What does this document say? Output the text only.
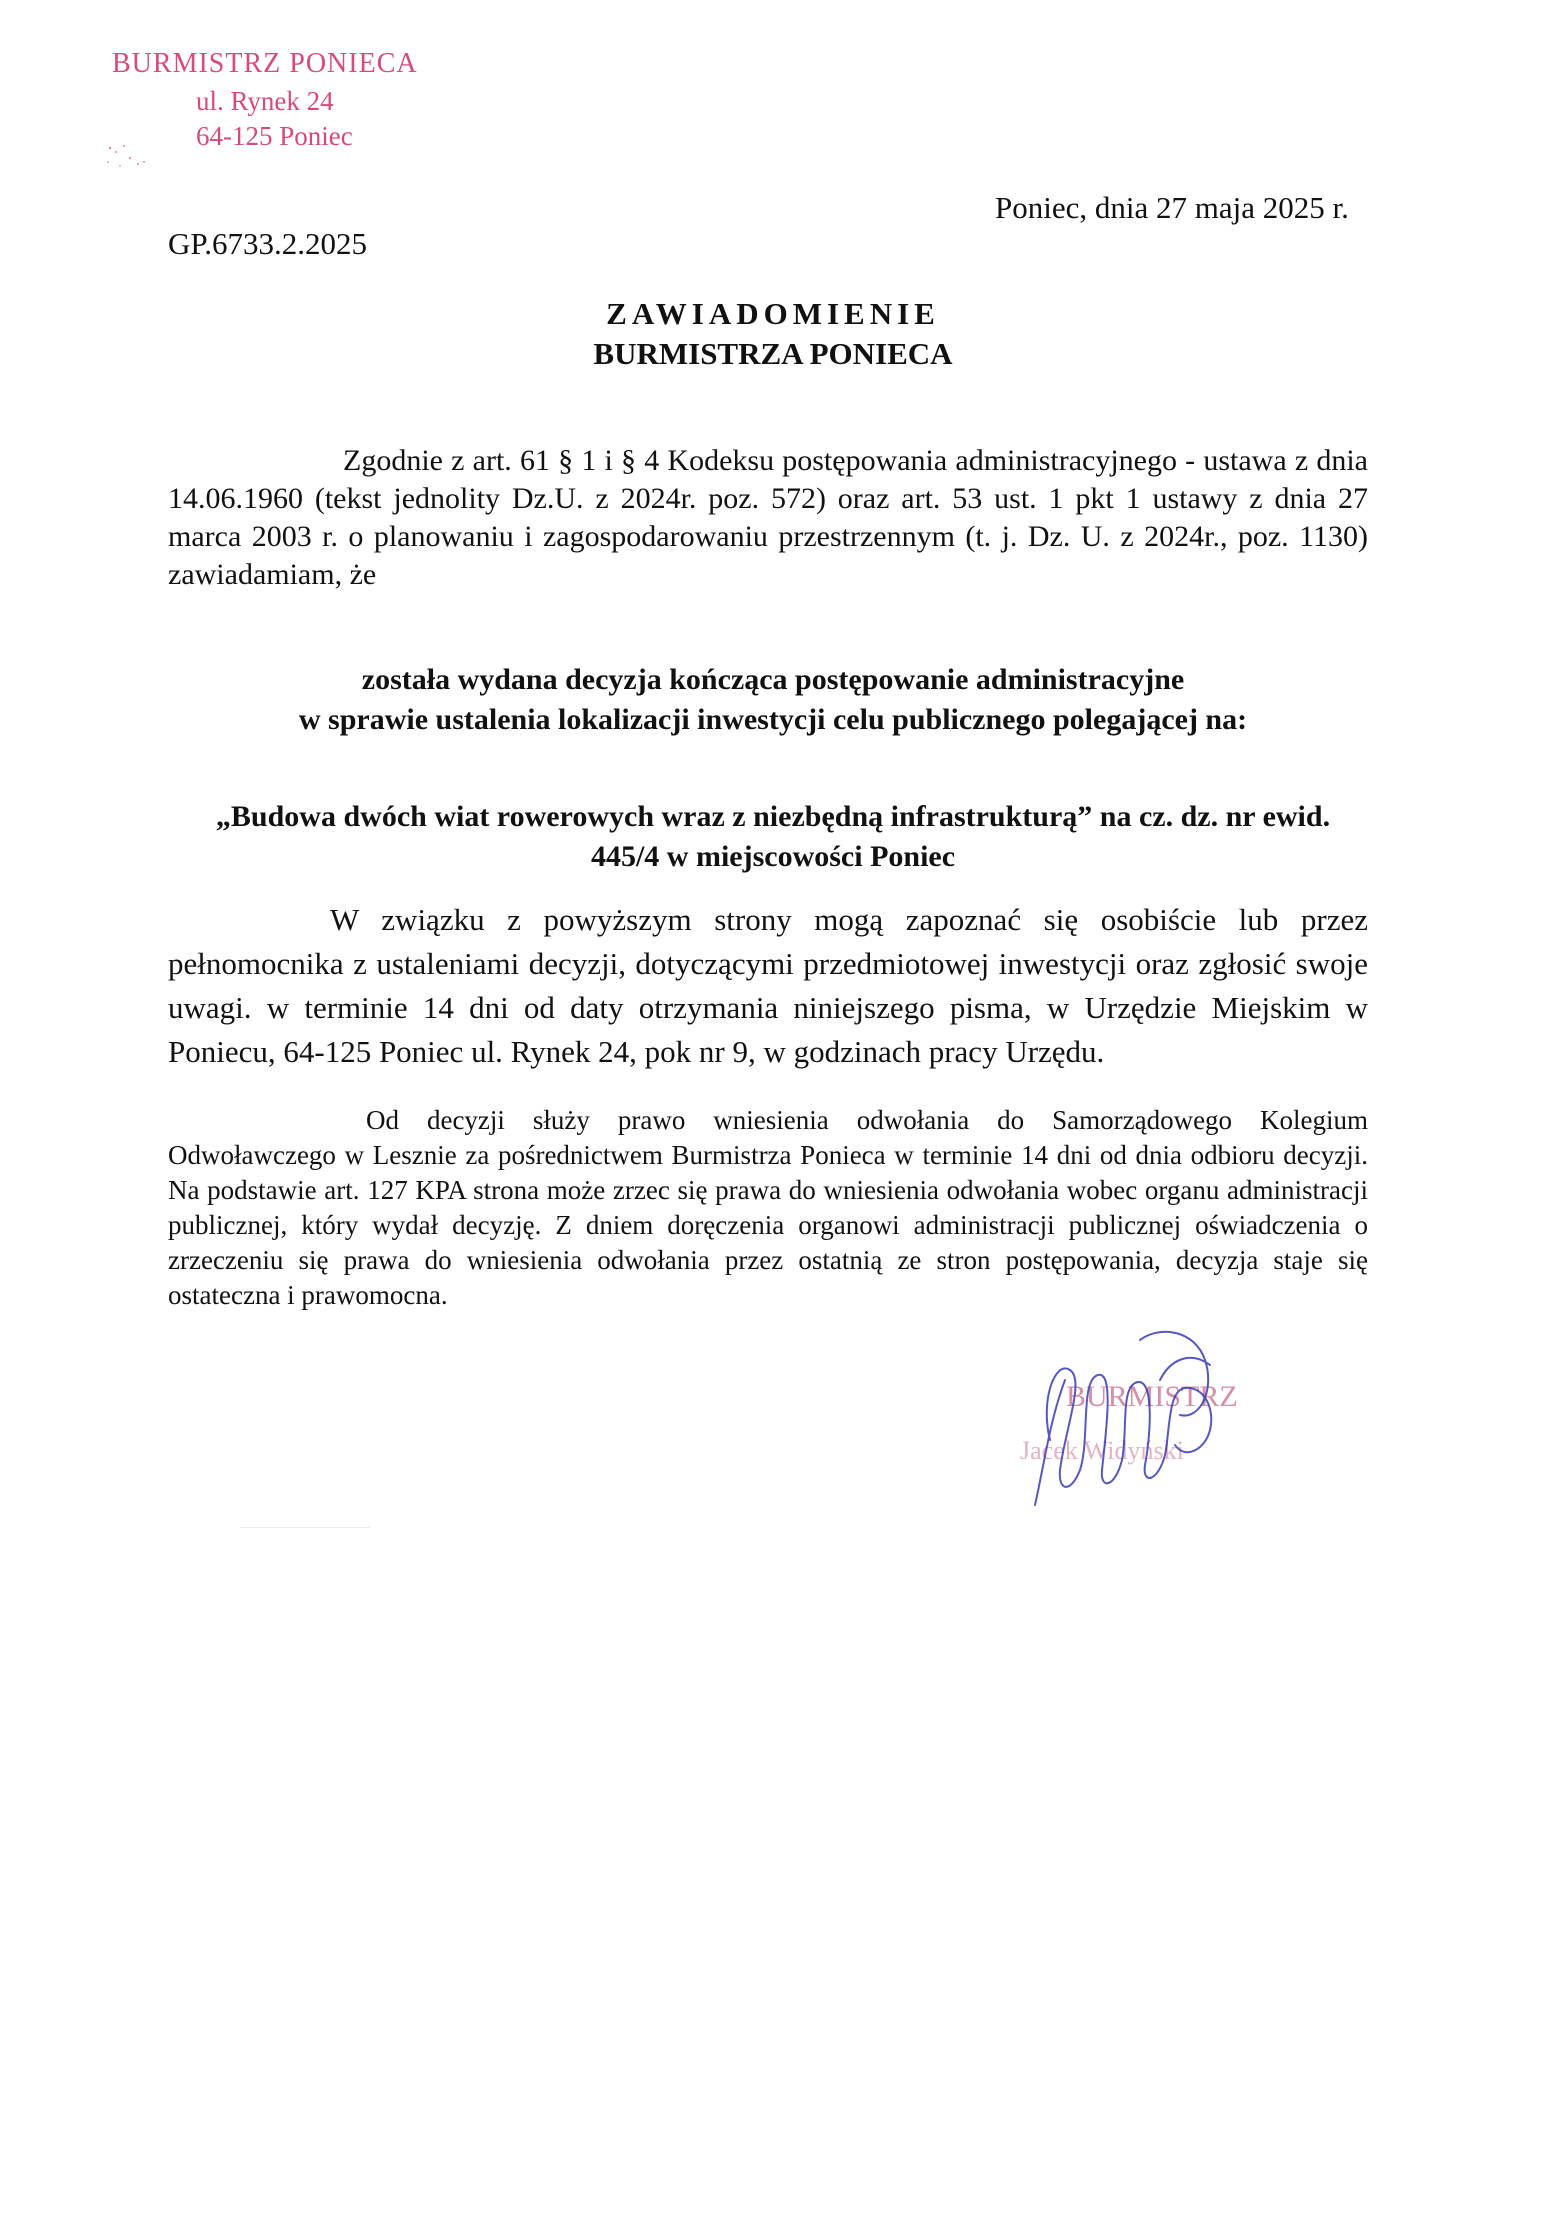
BURMISTRZ PONIECA
ul. Rynek 24
64-125 Poniec
Poniec, dnia 27 maja 2025 r.
GP.6733.2.2025
ZAWIADOMIENIE
BURMISTRZA PONIECA
Zgodnie z art. 61 § 1 i § 4 Kodeksu postępowania administracyjnego - ustawa z dnia 14.06.1960 (tekst jednolity Dz.U. z 2024r. poz. 572) oraz art. 53 ust. 1 pkt 1 ustawy z dnia 27 marca 2003 r. o planowaniu i zagospodarowaniu przestrzennym (t. j. Dz. U. z 2024r., poz. 1130) zawiadamiam, że
została wydana decyzja kończąca postępowanie administracyjne
w sprawie ustalenia lokalizacji inwestycji celu publicznego polegającej na:
„Budowa dwóch wiat rowerowych wraz z niezbędną infrastrukturą” na cz. dz. nr ewid.
445/4 w miejscowości Poniec
W związku z powyższym strony mogą zapoznać się osobiście lub przez pełnomocnika z ustaleniami decyzji, dotyczącymi przedmiotowej inwestycji oraz zgłosić swoje uwagi. w terminie 14 dni od daty otrzymania niniejszego pisma, w Urzędzie Miejskim w Poniecu, 64-125 Poniec ul. Rynek 24, pok nr 9, w godzinach pracy Urzędu.
Od decyzji służy prawo wniesienia odwołania do Samorządowego Kolegium Odwoławczego w Lesznie za pośrednictwem Burmistrza Ponieca w terminie 14 dni od dnia odbioru decyzji. Na podstawie art. 127 KPA strona może zrzec się prawa do wniesienia odwołania wobec organu administracji publicznej, który wydał decyzję. Z dniem doręczenia organowi administracji publicznej oświadczenia o zrzeczeniu się prawa do wniesienia odwołania przez ostatnią ze stron postępowania, decyzja staje się ostateczna i prawomocna.
BURMISTRZ
Jacek Widyński
